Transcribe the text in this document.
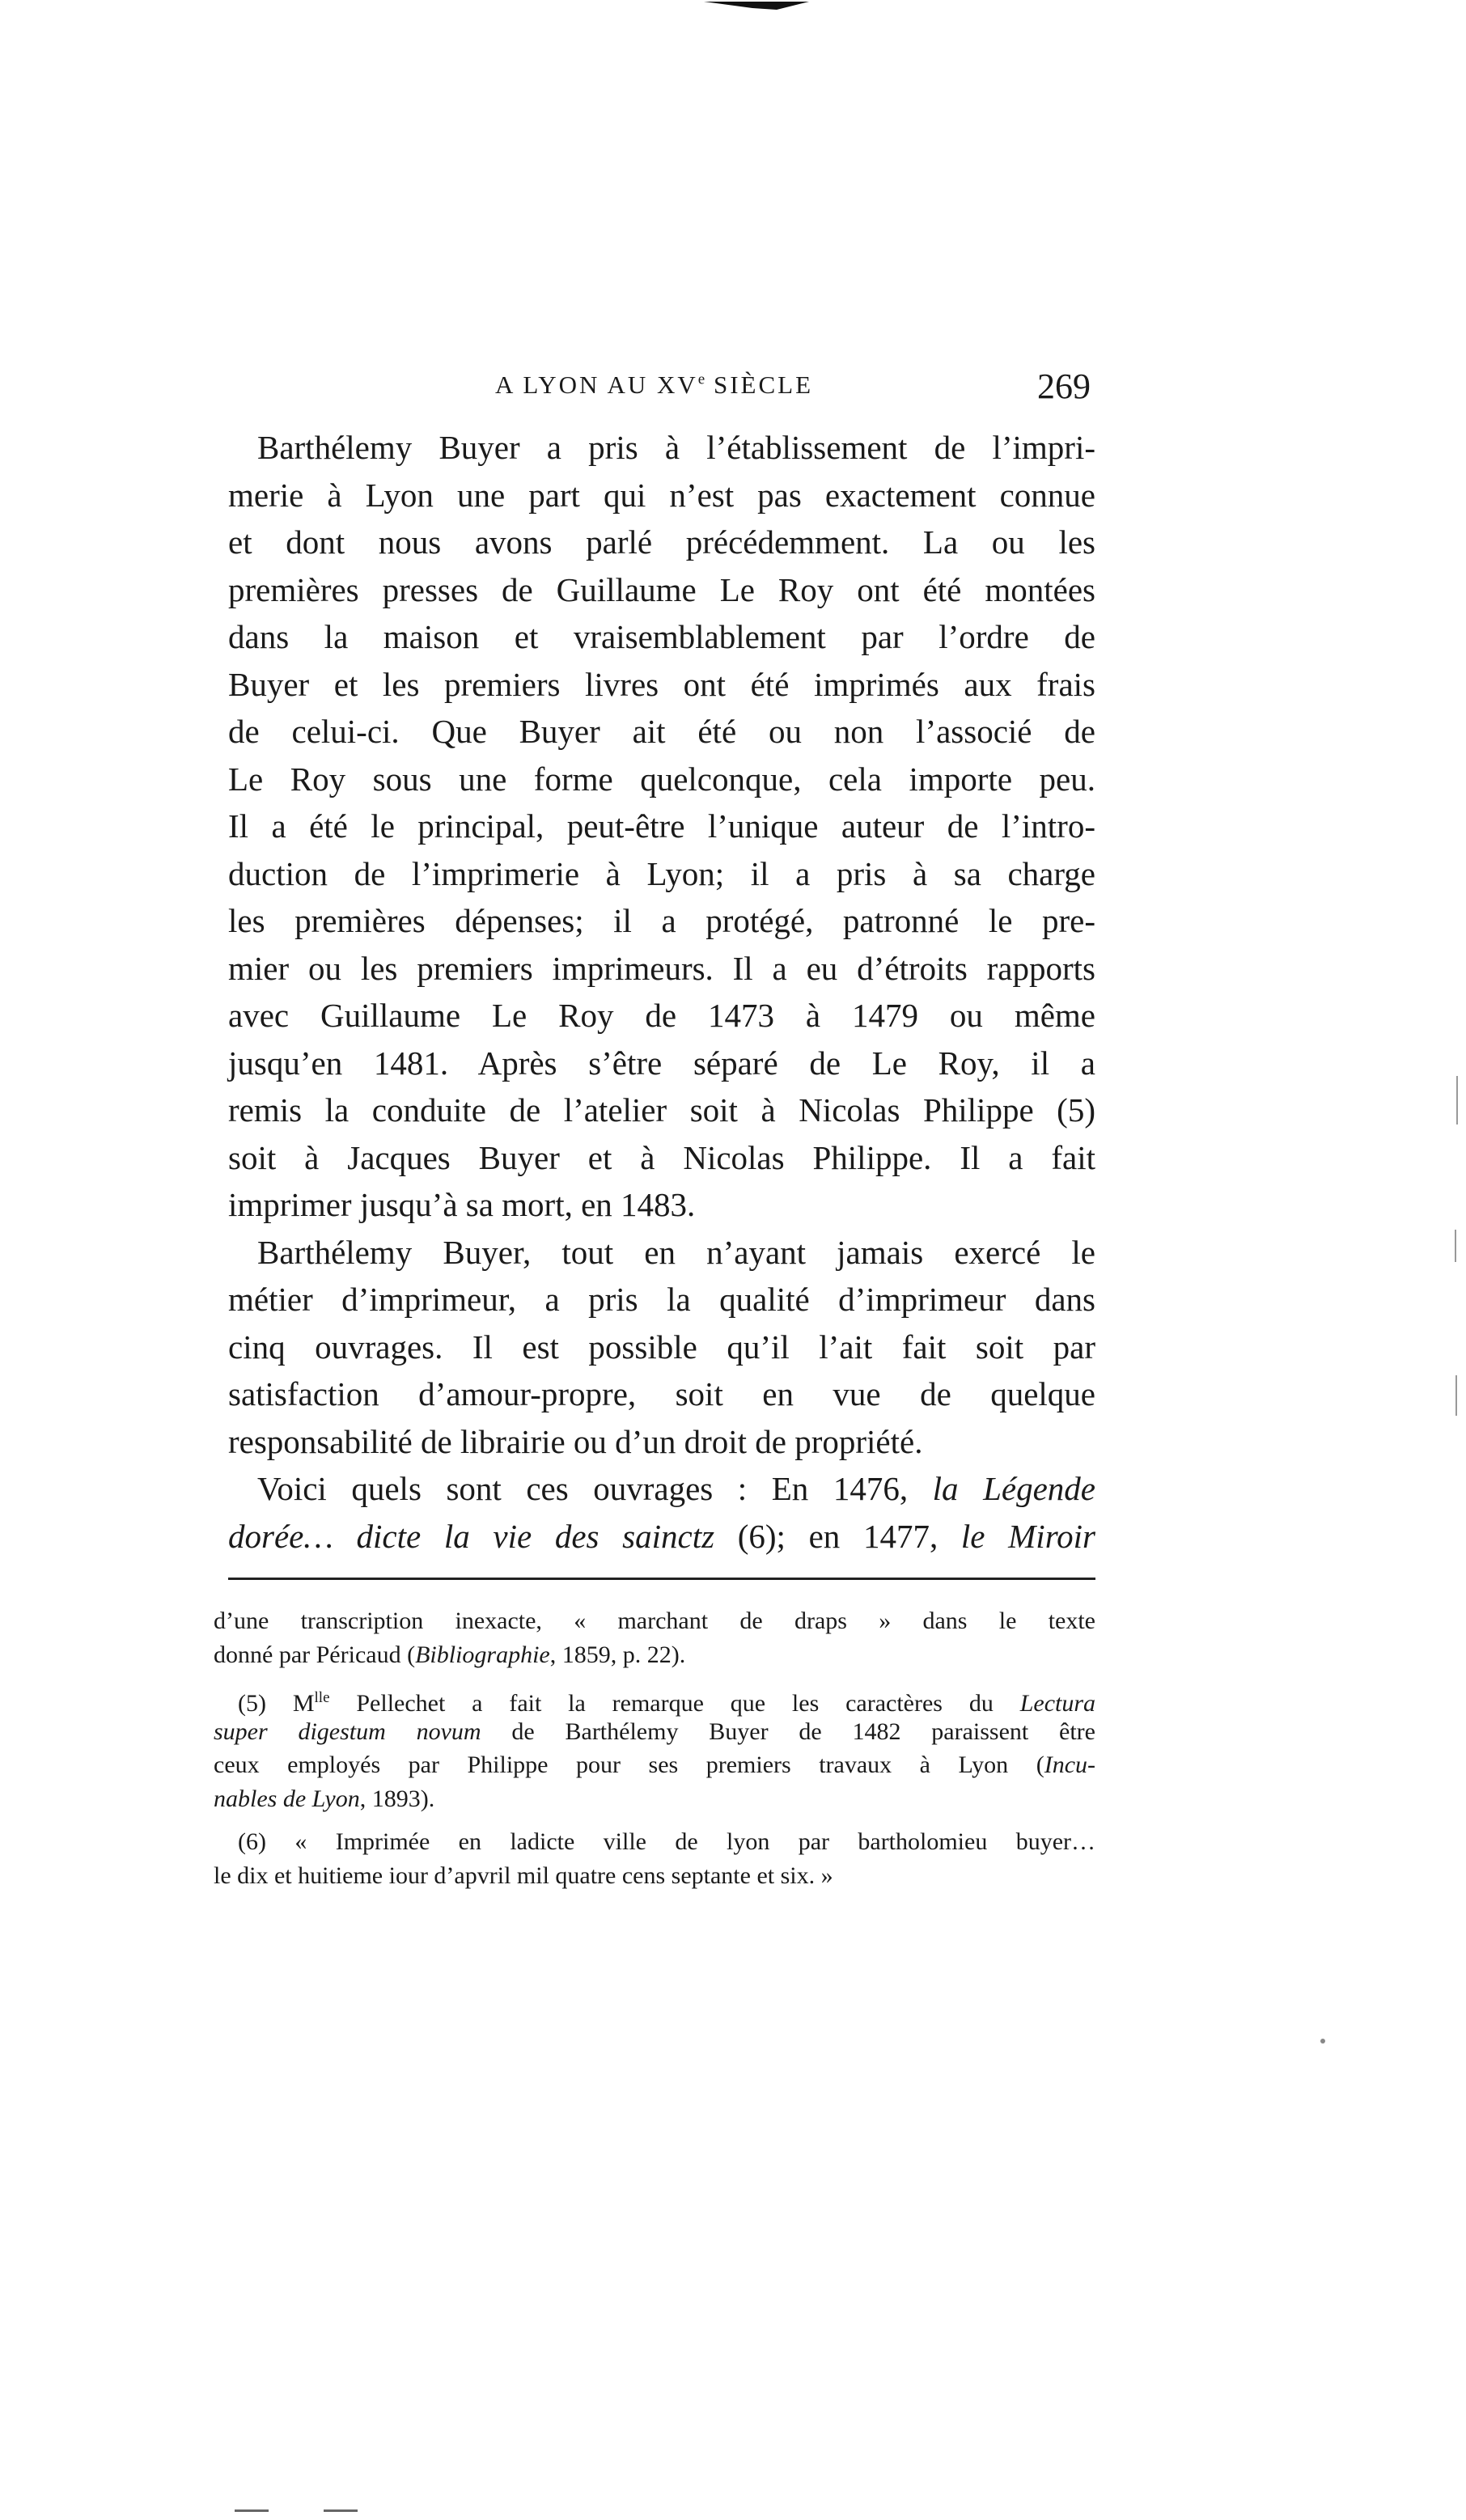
A LYON AU XVe SIÈCLE	269
Barthélemy Buyer a pris à l’établissement de l’impri-
merie à Lyon une part qui n’est pas exactement connue
et dont nous avons parlé précédemment. La ou les
premières presses de Guillaume Le Roy ont été montées
dans la maison et vraisemblablement par l’ordre de
Buyer et les premiers livres ont été imprimés aux frais
de celui-ci. Que Buyer ait été ou non l’associé de
Le Roy sous une forme quelconque, cela importe peu.
Il a été le principal, peut-être l’unique auteur de l’intro-
duction de l’imprimerie à Lyon; il a pris à sa charge
les premières dépenses; il a protégé, patronné le pre-
mier ou les premiers imprimeurs. Il a eu d’étroits rapports
avec Guillaume Le Roy de 1473 à 1479 ou même
jusqu’en 1481. Après s’être séparé de Le Roy, il a
remis la conduite de l’atelier soit à Nicolas Philippe (5)
soit à Jacques Buyer et à Nicolas Philippe. Il a fait
imprimer jusqu’à sa mort, en 1483.
Barthélemy Buyer, tout en n’ayant jamais exercé le
métier d’imprimeur, a pris la qualité d’imprimeur dans
cinq ouvrages. Il est possible qu’il l’ait fait soit par
satisfaction d’amour-propre, soit en vue de quelque
responsabilité de librairie ou d’un droit de propriété.
Voici quels sont ces ouvrages : En 1476, la Légende
dorée… dicte la vie des sainctz (6); en 1477, le Miroir
d’une transcription inexacte, « marchant de draps » dans le texte
donné par Péricaud (Bibliographie, 1859, p. 22).
(5) $M^{lle}$ Pellechet a fait la remarque que les caractères du Lectura
super digestum novum de Barthélemy Buyer de 1482 paraissent être
ceux employés par Philippe pour ses premiers travaux à Lyon (Incu-
nables de Lyon, 1893).
(6) « Imprimée en ladicte ville de lyon par bartholomieu buyer…
le dix et huitieme iour d’apvril mil quatre cens septante et six. »
